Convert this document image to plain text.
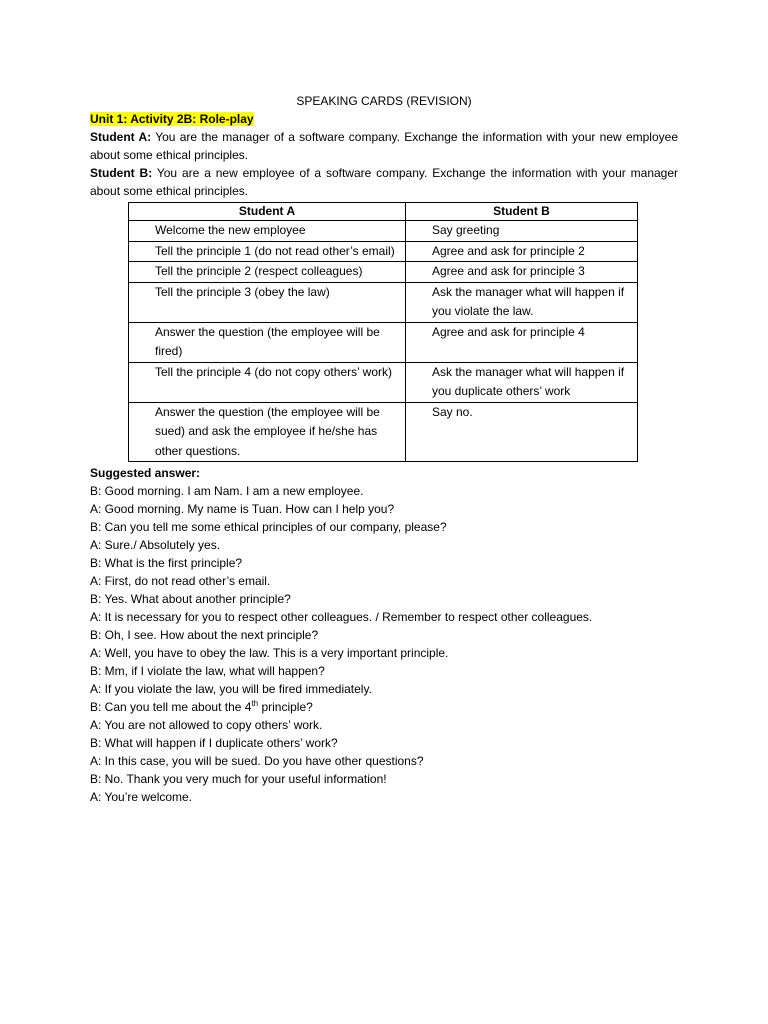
SPEAKING CARDS (REVISION)
Unit 1: Activity 2B: Role-play

Student A: You are the manager of a software company. Exchange the information with your new employee about some ethical principles.

Student B: You are a new employee of a software company. Exchange the information with your manager about some ethical principles.

Student A	Student B
Welcome the new employee	Say greeting
Tell the principle 1 (do not read other’s email)	Agree and ask for principle 2
Tell the principle 2 (respect colleagues)	Agree and ask for principle 3
Tell the principle 3 (obey the law)	Ask the manager what will happen if you violate the law.
Answer the question (the employee will be fired)	Agree and ask for principle 4
Tell the principle 4 (do not copy others’ work)	Ask the manager what will happen if you duplicate others’ work
Answer the question (the employee will be sued) and ask the employee if he/she has other questions.	Say no.
Suggested answer:
B: Good morning. I am Nam. I am a new employee.
A: Good morning. My name is Tuan. How can I help you?
B: Can you tell me some ethical principles of our company, please?
A: Sure./ Absolutely yes.
B: What is the first principle?
A: First, do not read other’s email.
B: Yes. What about another principle?
A: It is necessary for you to respect other colleagues. / Remember to respect other colleagues.
B: Oh, I see. How about the next principle?
A: Well, you have to obey the law. This is a very important principle.
B: Mm, if I violate the law, what will happen?
A: If you violate the law, you will be fired immediately.
B: Can you tell me about the 4th principle?
A: You are not allowed to copy others’ work.
B: What will happen if I duplicate others’ work?
A: In this case, you will be sued. Do you have other questions?
B: No. Thank you very much for your useful information!
A: You’re welcome.
